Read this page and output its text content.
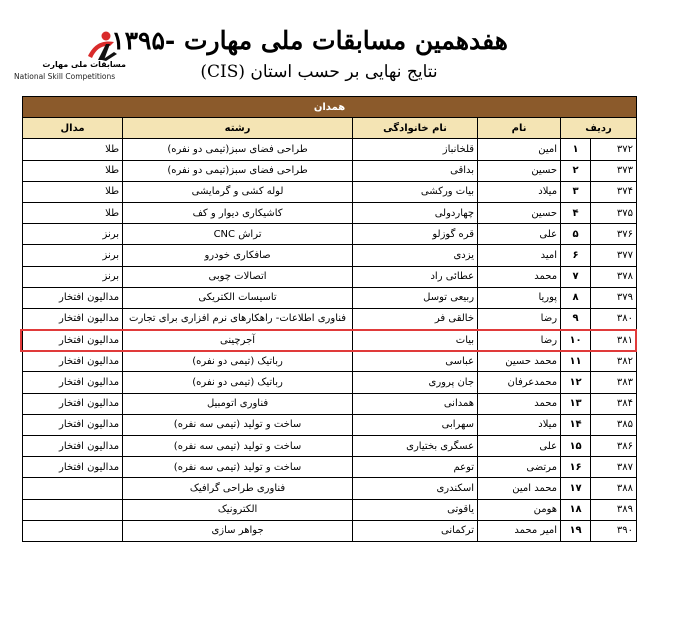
مسابقات ملی مهارت
National Skill Competitions
هفدهمین مسابقات ملی مهارت -۱۳۹۵
نتایج نهایی بر حسب استان (CIS)
همدان					
ردیف		نام	نام خانوادگی	رشته	مدال
۳۷۲	۱	امین	قلخانباز	طراحی فضای سبز(تیمی دو نفره)	طلا
۳۷۳	۲	حسین	بداقی	طراحی فضای سبز(تیمی دو نفره)	طلا
۳۷۴	۳	میلاد	بیات ورکشی	لوله کشی و گرمایشی	طلا
۳۷۵	۴	حسین	چهاردولی	کاشیکاری دیوار و کف	طلا
۳۷۶	۵	علی	قره گوزلو	تراش CNC	برنز
۳۷۷	۶	امید	یزدی	صافکاری خودرو	برنز
۳۷۸	۷	محمد	عطائی راد	اتصالات چوبی	برنز
۳۷۹	۸	پوریا	ربیعی توسل	تاسیسات الکتریکی	مدالیون افتخار
۳۸۰	۹	رضا	خالقی فر	فناوری اطلاعات- راهکارهای نرم افزاری برای تجارت	مدالیون افتخار
۳۸۱	۱۰	رضا	بیات	آجرچینی	مدالیون افتخار
۳۸۲	۱۱	محمد حسین	عباسی	رباتیک (تیمی دو نفره)	مدالیون افتخار
۳۸۳	۱۲	محمدعرفان	جان پروری	رباتیک (تیمی دو نفره)	مدالیون افتخار
۳۸۴	۱۳	محمد	همدانی	فناوری اتومبیل	مدالیون افتخار
۳۸۵	۱۴	میلاد	سهرابی	ساخت و تولید (تیمی سه نفره)	مدالیون افتخار
۳۸۶	۱۵	علی	عسگری بختیاری	ساخت و تولید (تیمی سه نفره)	مدالیون افتخار
۳۸۷	۱۶	مرتضی	توعم	ساخت و تولید (تیمی سه نفره)	مدالیون افتخار
۳۸۸	۱۷	محمد امین	اسکندری	فناوری طراحی گرافیک	
۳۸۹	۱۸	هومن	یاقوتی	الکترونیک	
۳۹۰	۱۹	امیر محمد	ترکمانی	جواهر سازی	
